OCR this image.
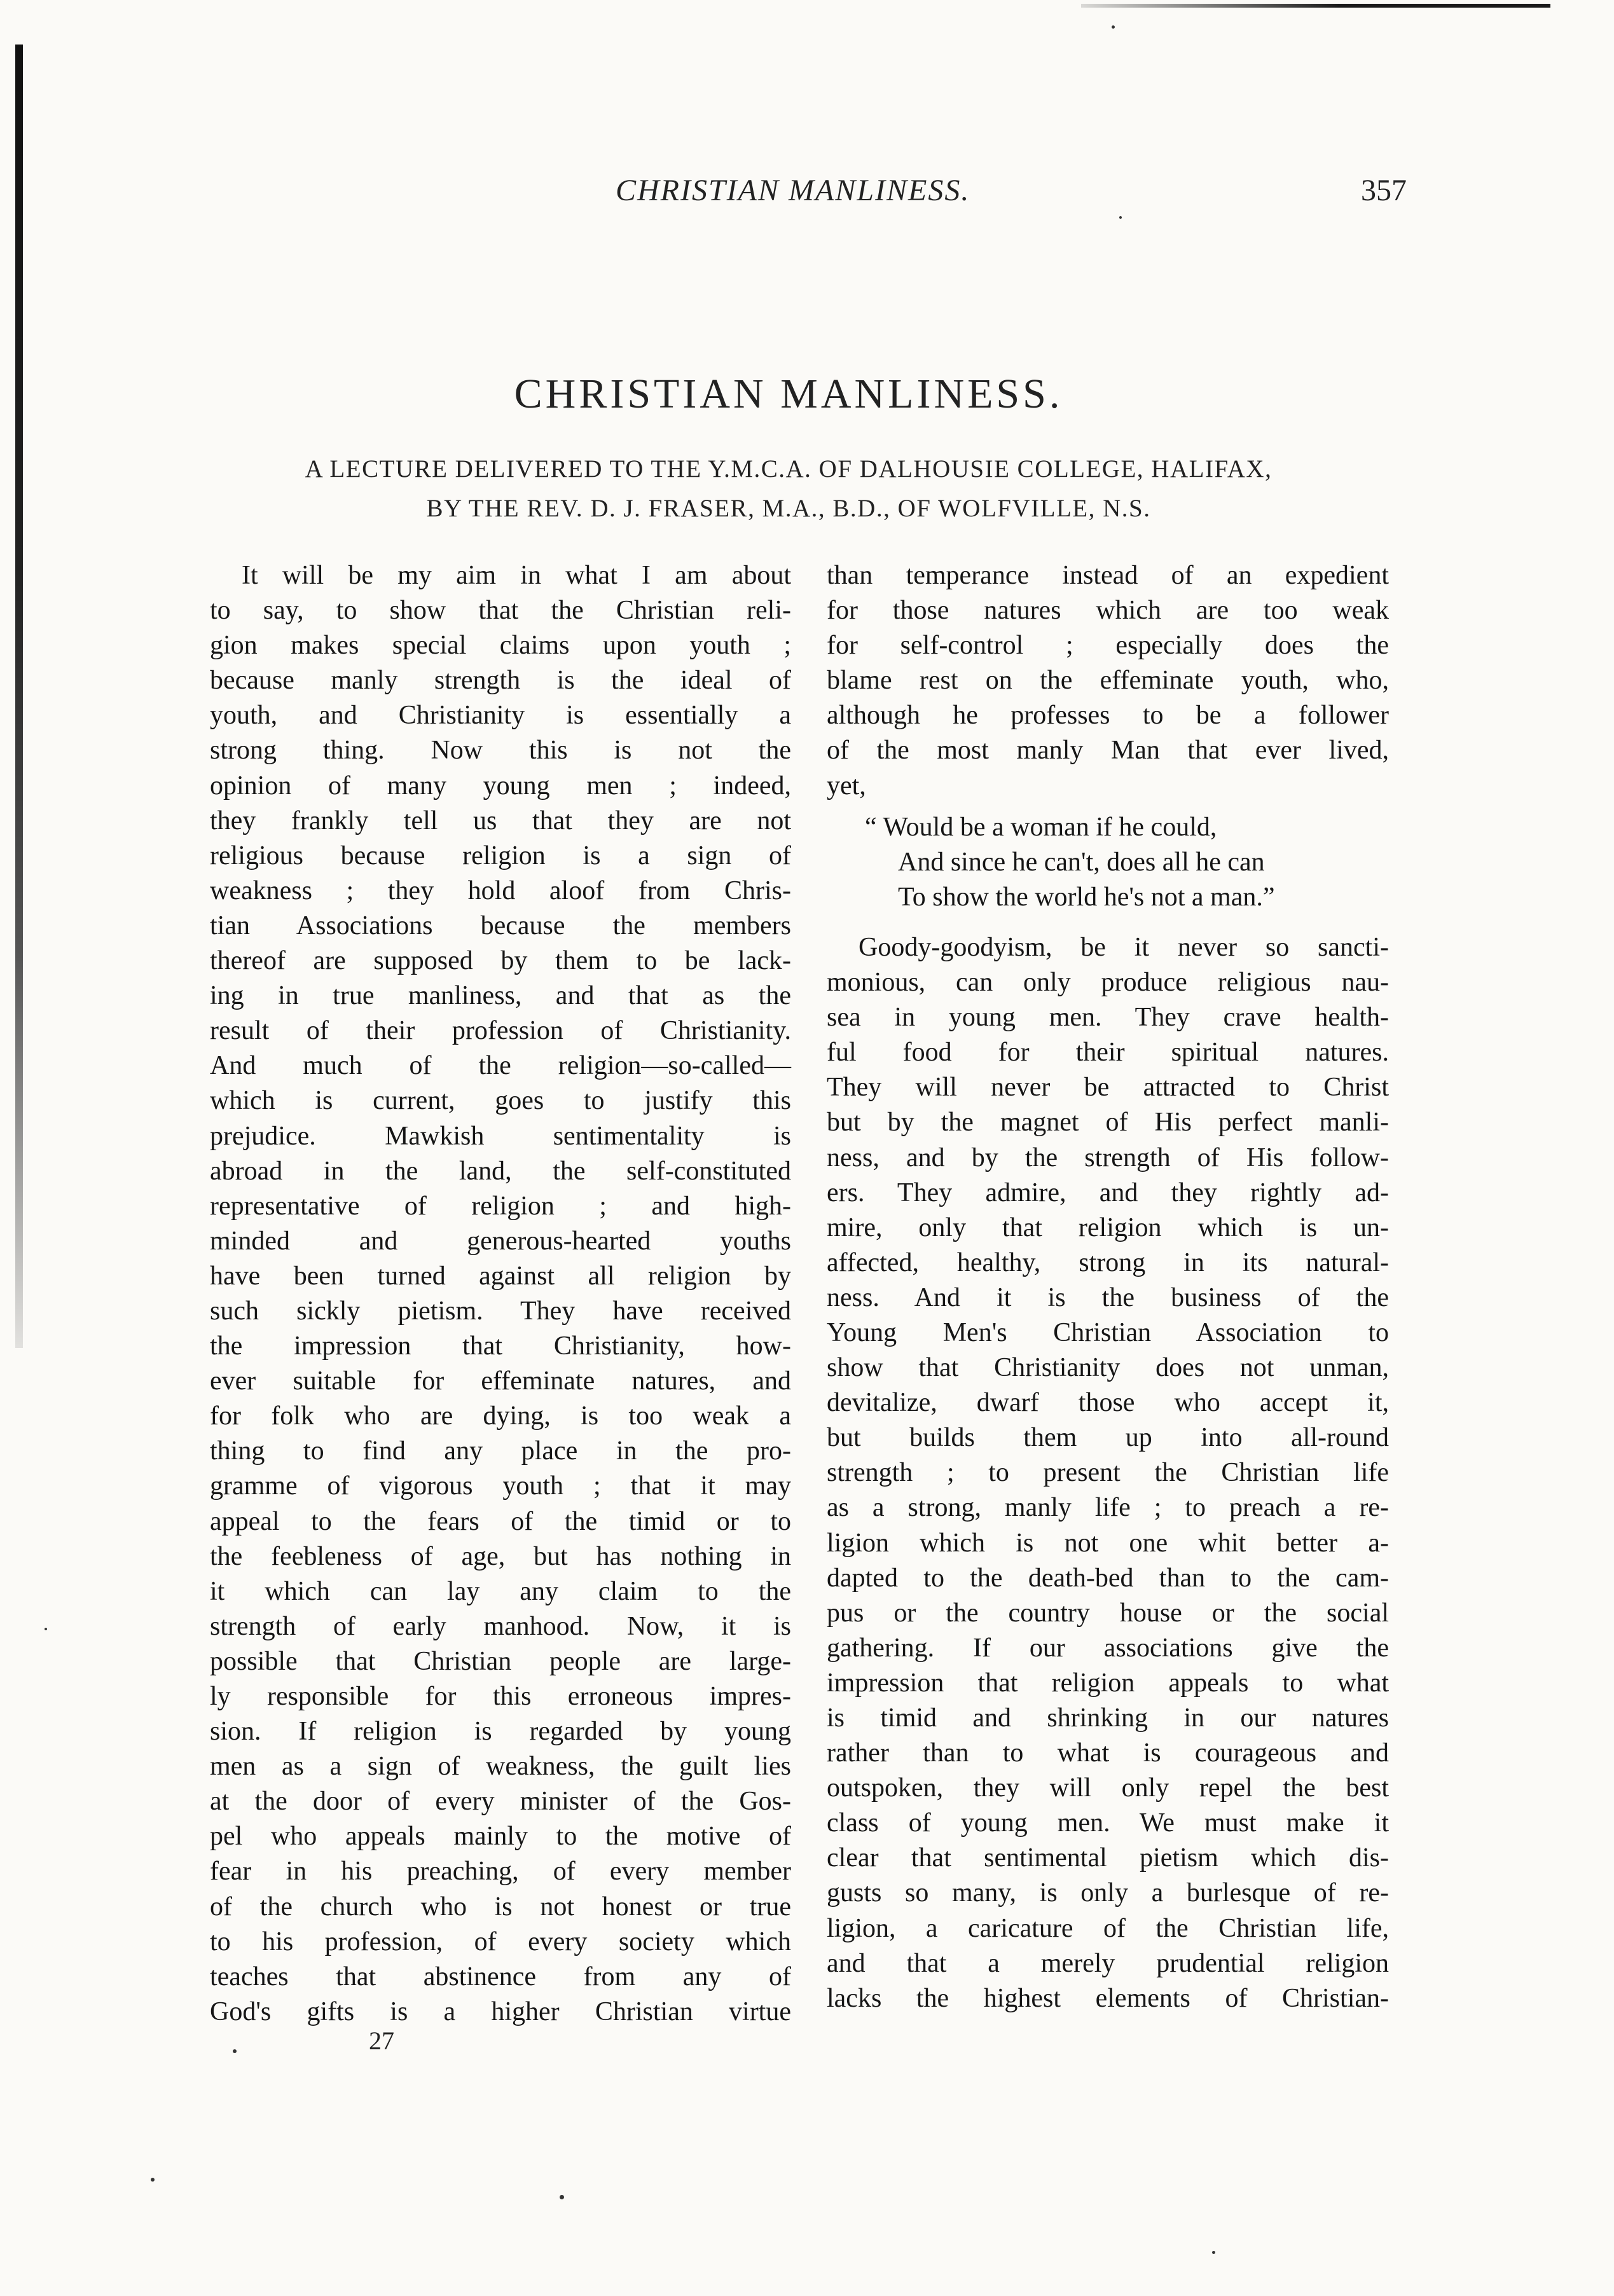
CHRISTIAN MANLINESS.	357
CHRISTIAN MANLINESS.
A LECTURE DELIVERED TO THE Y.M.C.A. OF DALHOUSIE COLLEGE, HALIFAX,
BY THE REV. D. J. FRASER, M.A., B.D., OF WOLFVILLE, N.S.
It will be my aim in what I am about
to say, to show that the Christian reli-
gion makes special claims upon youth ;
because manly strength is the ideal of
youth, and Christianity is essentially a
strong thing. Now this is not the
opinion of many young men ; indeed,
they frankly tell us that they are not
religious because religion is a sign of
weakness ; they hold aloof from Chris-
tian Associations because the members
thereof are supposed by them to be lack-
ing in true manliness, and that as the
result of their profession of Christianity.
And much of the religion—so-called—
which is current, goes to justify this
prejudice. Mawkish sentimentality is
abroad in the land, the self-constituted
representative of religion ; and high-
minded and generous-hearted youths
have been turned against all religion by
such sickly pietism. They have received
the impression that Christianity, how-
ever suitable for effeminate natures, and
for folk who are dying, is too weak a
thing to find any place in the pro-
gramme of vigorous youth ; that it may
appeal to the fears of the timid or to
the feebleness of age, but has nothing in
it which can lay any claim to the
strength of early manhood. Now, it is
possible that Christian people are large-
ly responsible for this erroneous impres-
sion. If religion is regarded by young
men as a sign of weakness, the guilt lies
at the door of every minister of the Gos-
pel who appeals mainly to the motive of
fear in his preaching, of every member
of the church who is not honest or true
to his profession, of every society which
teaches that abstinence from any of
God's gifts is a higher Christian virtue
than temperance instead of an expedient
for those natures which are too weak
for self-control ; especially does the
blame rest on the effeminate youth, who,
although he professes to be a follower
of the most manly Man that ever lived,
yet,
“ Would be a woman if he could,
And since he can't, does all he can
To show the world he's not a man.”
Goody-goodyism, be it never so sancti-
monious, can only produce religious nau-
sea in young men. They crave health-
ful food for their spiritual natures.
They will never be attracted to Christ
but by the magnet of His perfect manli-
ness, and by the strength of His follow-
ers. They admire, and they rightly ad-
mire, only that religion which is un-
affected, healthy, strong in its natural-
ness. And it is the business of the
Young Men's Christian Association to
show that Christianity does not unman,
devitalize, dwarf those who accept it,
but builds them up into all-round
strength ; to present the Christian life
as a strong, manly life ; to preach a re-
ligion which is not one whit better a-
dapted to the death-bed than to the cam-
pus or the country house or the social
gathering. If our associations give the
impression that religion appeals to what
is timid and shrinking in our natures
rather than to what is courageous and
outspoken, they will only repel the best
class of young men. We must make it
clear that sentimental pietism which dis-
gusts so many, is only a burlesque of re-
ligion, a caricature of the Christian life,
and that a merely prudential religion
lacks the highest elements of Christian-
27
